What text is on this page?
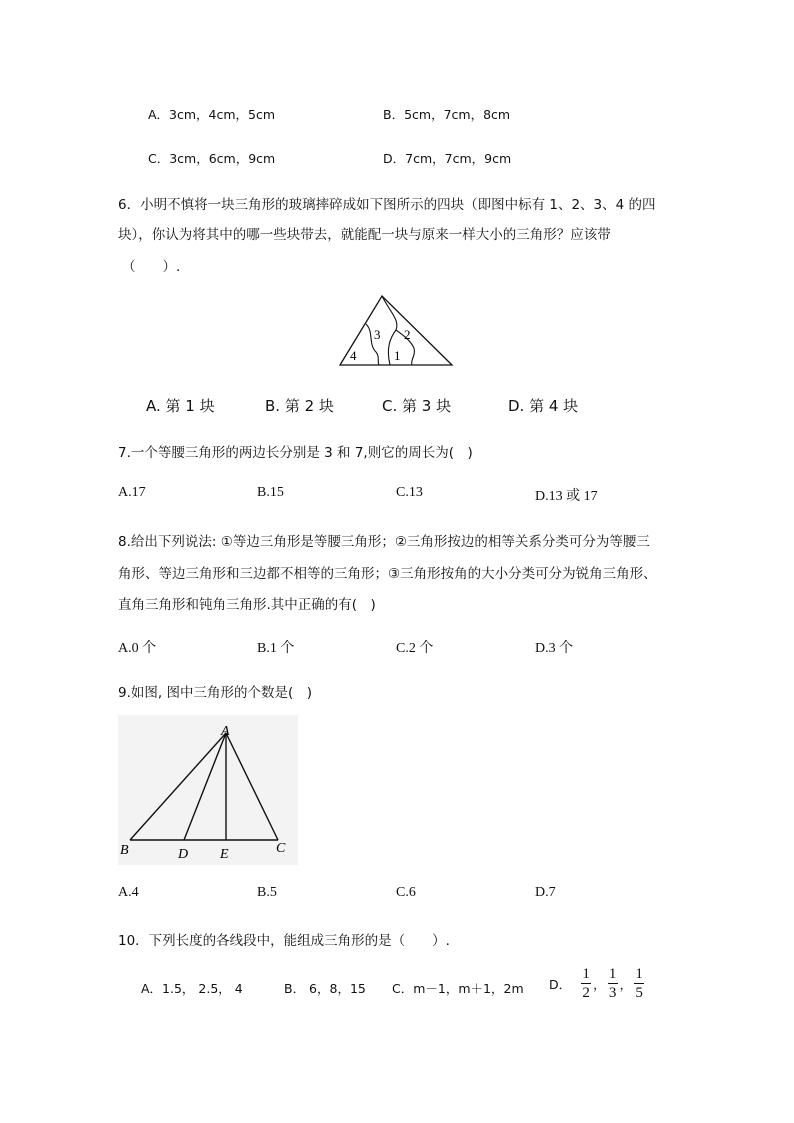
A．3cm，4cm，5cm	B．5cm，7cm，8cm
C．3cm，6cm，9cm	D．7cm，7cm，9cm
6．小明不慎将一块三角形的玻璃摔碎成如下图所示的四块（即图中标有 1、2、3、4 的四
块），你认为将其中的哪一些块带去，就能配一块与原来一样大小的三角形？应该带
（　　）.
3 2
4	1
A. 第 1 块	B. 第 2 块	C. 第 3 块	D. 第 4 块
7.一个等腰三角形的两边长分别是 3 和 7,则它的周长为(　)
A.17	B.15	C.13	D.13 或 17
8.给出下列说法: ①等边三角形是等腰三角形；②三角形按边的相等关系分类可分为等腰三
角形、等边三角形和三边都不相等的三角形；③三角形按角的大小分类可分为锐角三角形、
直角三角形和钝角三角形.其中正确的有(　)
A.0 个	B.1 个	C.2 个	D.3 个
9.如图, 图中三角形的个数是(　)
A
B	D E	C
A.4	B.5	C.6	D.7
10．下列长度的各线段中，能组成三角形的是（　　）.
A．1.5， 2.5， 4	B． 6，8，15 C．m－1，m＋1，2m D． $\frac{1}{2}$ ， $\frac{1}{3}$ ， $\frac{1}{5}$
